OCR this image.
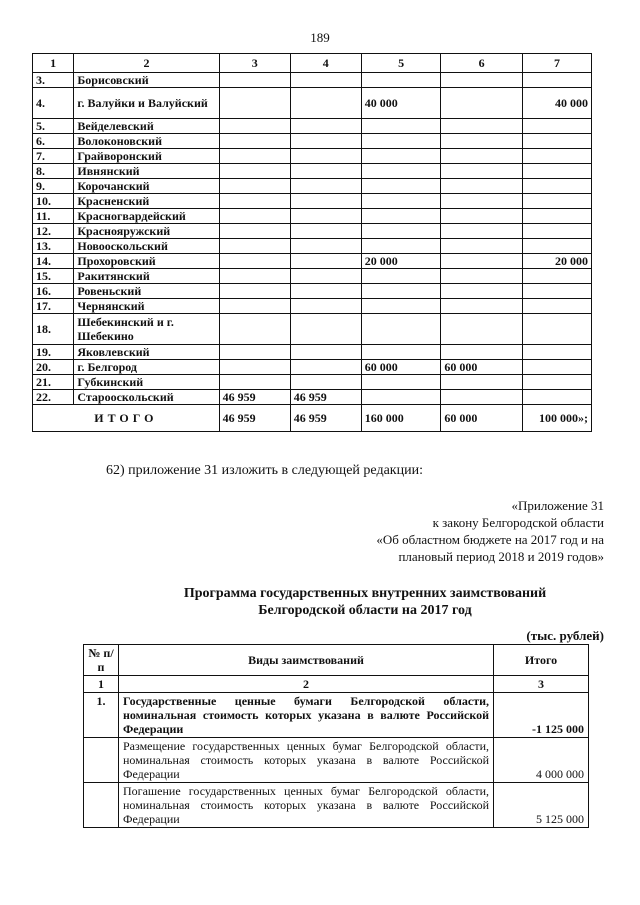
189
1	2	3	4	5	6	7
3.	Борисовский					
4.	г. Валуйки и Валуйский			40 000		40 000
5.	Вейделевский					
6.	Волоконовский					
7.	Грайворонский					
8.	Ивнянский					
9.	Корочанский					
10.	Красненский					
11.	Красногвардейский					
12.	Краснояружский					
13.	Новооскольский					
14.	Прохоровский			20 000		20 000
15.	Ракитянский					
16.	Ровеньский					
17.	Чернянский					
18.	Шебекинский и г. Шебекино					
19.	Яковлевский					
20.	г. Белгород			60 000	60 000	
21.	Губкинский					
22.	Старооскольский	46 959	46 959			
ИТОГО		46 959	46 959	160 000	60 000	100 000»;
62) приложение 31 изложить в следующей редакции:
«Приложение 31
к закону Белгородской области
«Об областном бюджете на 2017 год и на
плановый период 2018 и 2019 годов»
Программа государственных внутренних заимствований
Белгородской области на 2017 год
(тыс. рублей)
№ п/п	Виды заимствований	Итого
1	2	3
1.	Государственные ценные бумаги Белгородской области, номинальная стоимость которых указана в валюте Российской Федерации	-1 125 000
	Размещение государственных ценных бумаг Белгородской области, номинальная стоимость которых указана в валюте Российской Федерации	4 000 000
	Погашение государственных ценных бумаг Белгородской области, номинальная стоимость которых указана в валюте Российской Федерации	5 125 000
